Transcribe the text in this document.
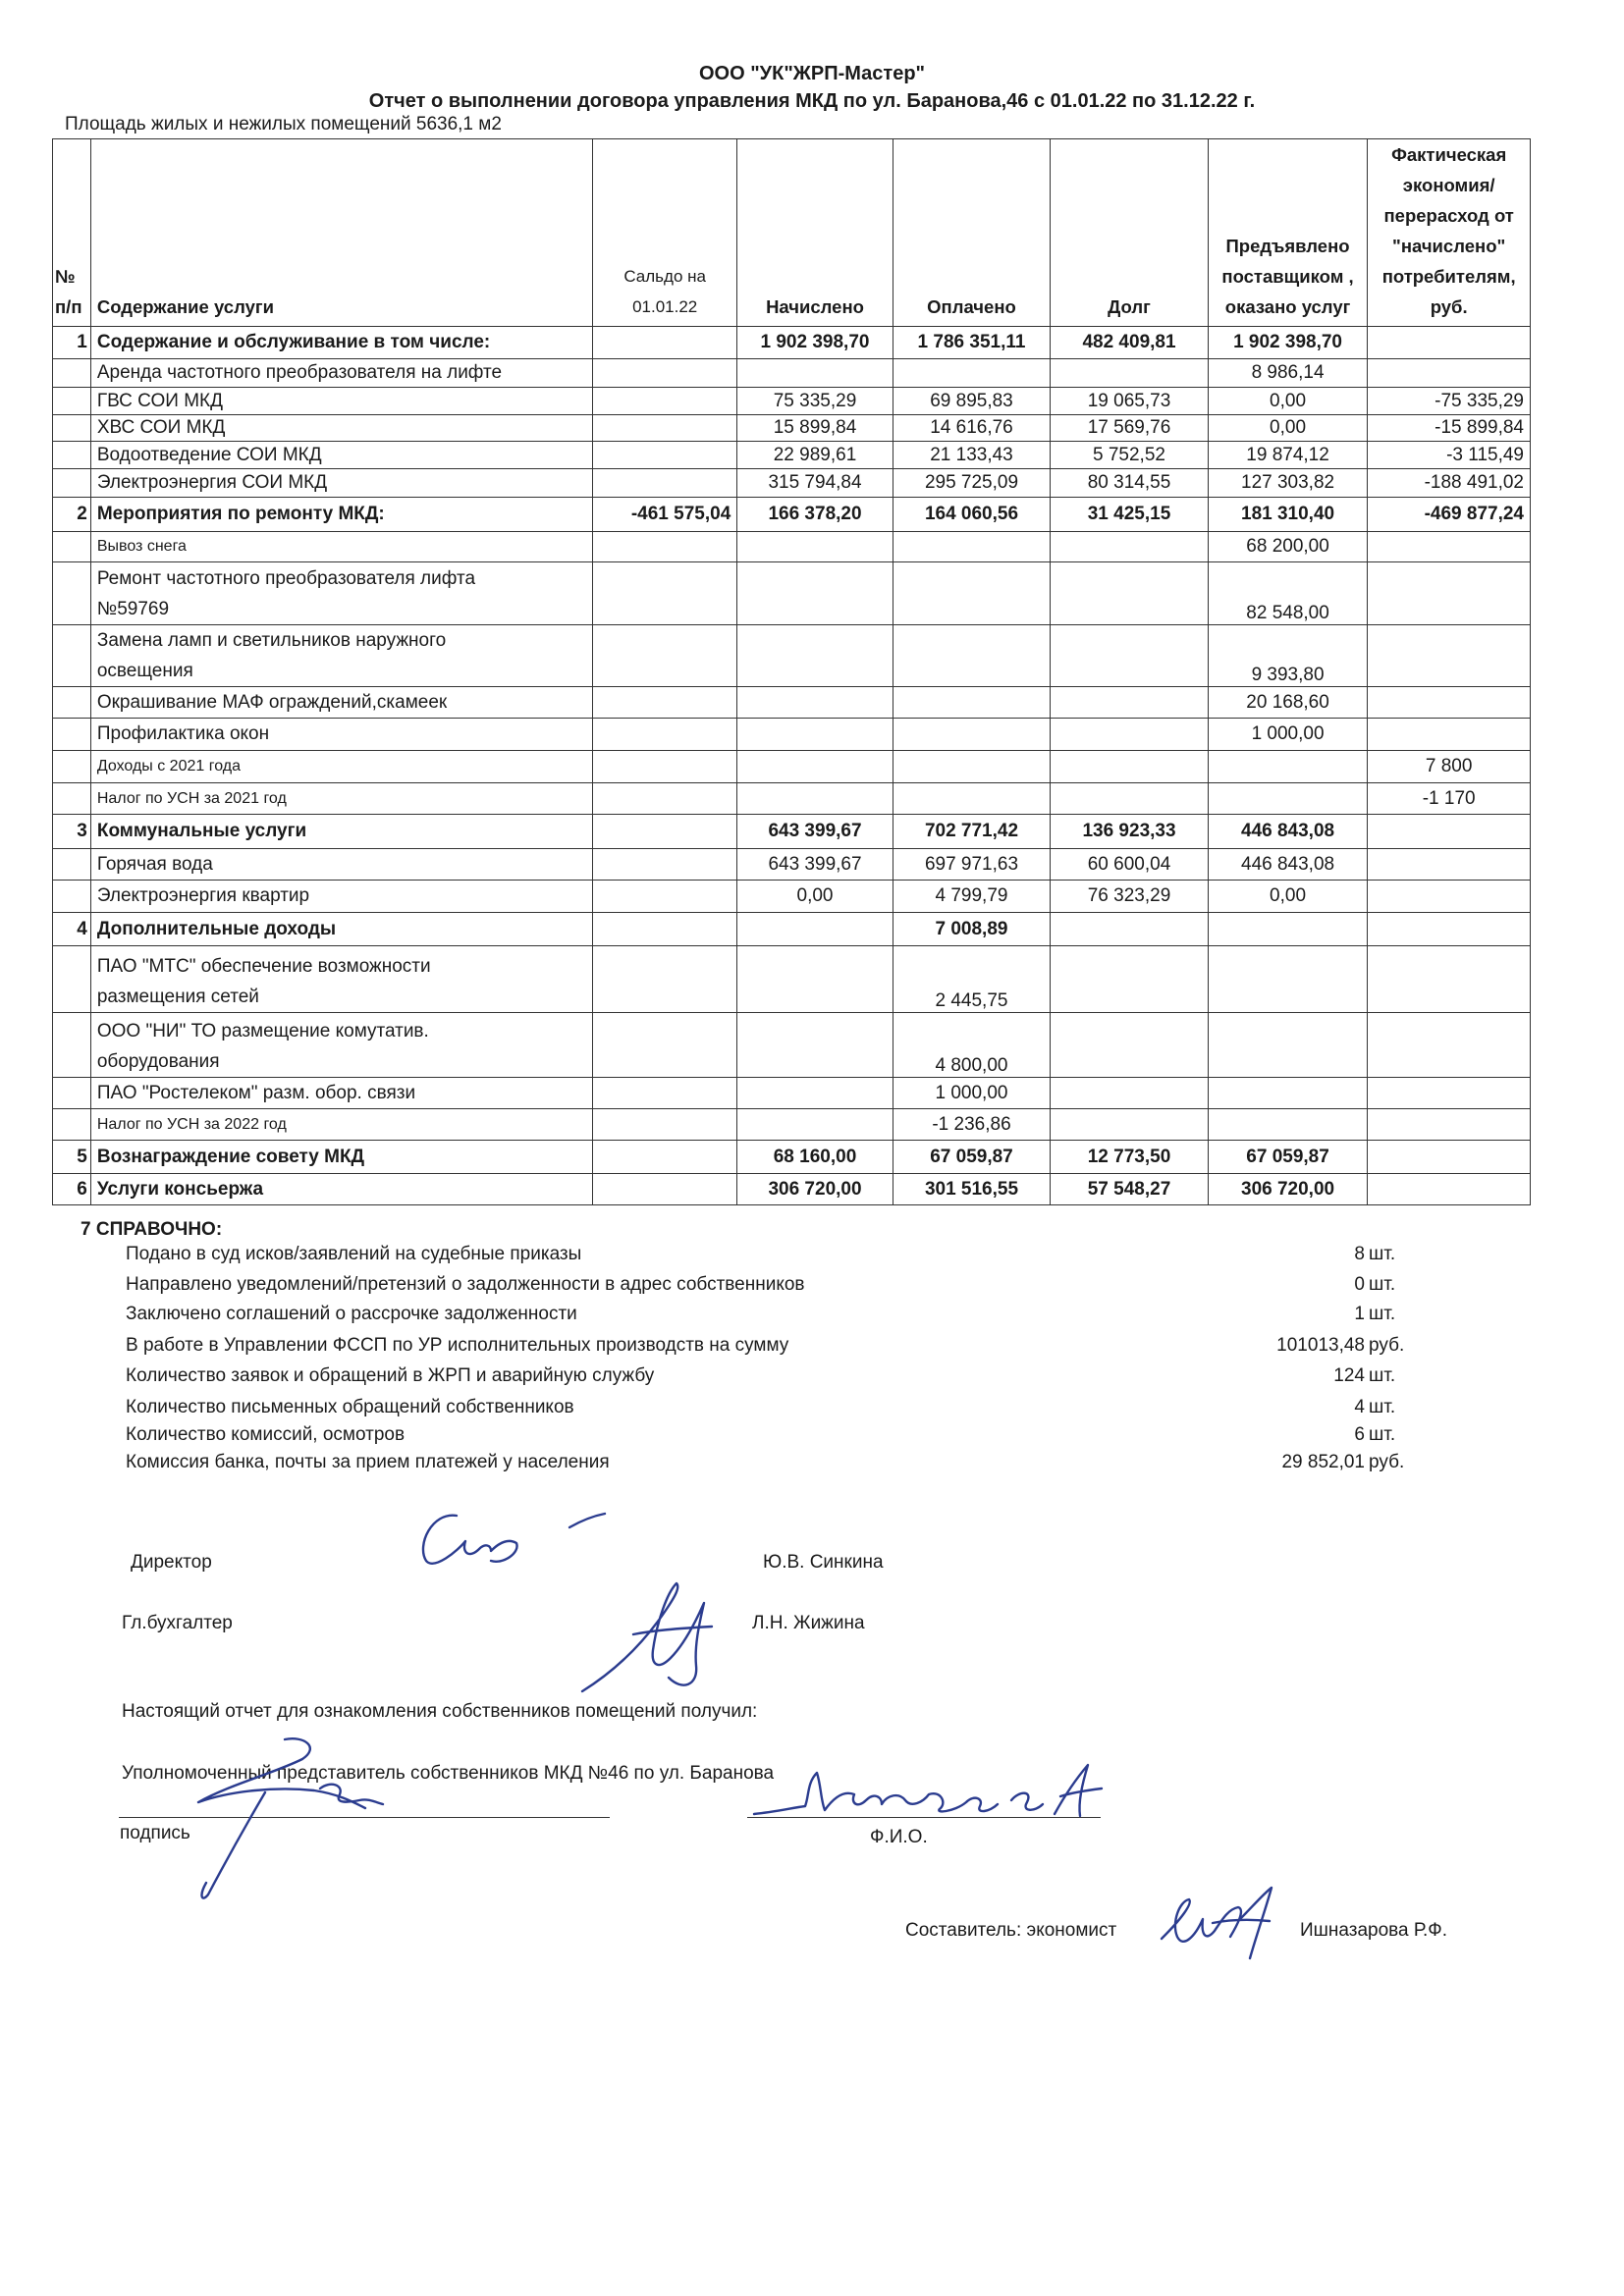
ООО "УК"ЖРП-Мастер"
Отчет о выполнении договора управления МКД по ул. Баранова,46 с 01.01.22 по 31.12.22 г.
Площадь жилых и нежилых помещений 5636,1 м2
№
п/п	Содержание услуги	Сальдо на 01.01.22	Начислено	Оплачено	Долг	Предъявлено поставщиком , оказано услуг	Фактическая экономия/перерасход от "начислено" потребителям, руб.
1	Содержание и обслуживание в том числе:		1 902 398,70	1 786 351,11	482 409,81	1 902 398,70	
	Аренда частотного преобразователя на лифте					8 986,14	
	ГВС СОИ МКД		75 335,29	69 895,83	19 065,73	0,00	-75 335,29
	ХВС СОИ МКД		15 899,84	14 616,76	17 569,76	0,00	-15 899,84
	Водоотведение СОИ МКД		22 989,61	21 133,43	5 752,52	19 874,12	-3 115,49
	Электроэнергия СОИ МКД		315 794,84	295 725,09	80 314,55	127 303,82	-188 491,02
2	Мероприятия по ремонту МКД:	-461 575,04	166 378,20	164 060,56	31 425,15	181 310,40	-469 877,24
	Вывоз снега					68 200,00	

	Ремонт частотного преобразователя лифта
№59769					82 548,00	

	Замена ламп и светильников наружного
освещения					9 393,80	
	Окрашивание МАФ ограждений,скамеек					20 168,60	
	Профилактика окон					1 000,00	
	Доходы с 2021 года						7 800
	Налог по УСН за 2021 год						-1 170
3	Коммунальные услуги		643 399,67	702 771,42	136 923,33	446 843,08	
	Горячая вода		643 399,67	697 971,63	60 600,04	446 843,08	
	Электроэнергия квартир		0,00	4 799,79	76 323,29	0,00	
4	Дополнительные доходы			7 008,89			

	ПАО "МТС" обеспечение возможности
размещения сетей			2 445,75			

	ООО "НИ" ТО размещение комутатив.
оборудования			4 800,00			
	ПАО "Ростелеком" разм. обор. связи			1 000,00			
	Налог по УСН за 2022 год			-1 236,86			
5	Вознаграждение совету МКД		68 160,00	67 059,87	12 773,50	67 059,87	
6	Услуги консьержа		306 720,00	301 516,55	57 548,27	306 720,00	
7 СПРАВОЧНО:
Подано в суд исков/заявлений на судебные приказы	8 шт.
Направлено уведомлений/претензий о задолженности в адрес собственников	0 шт.
Заключено соглашений о рассрочке задолженности	1 шт.
В работе в Управлении ФССП по УР исполнительных производств на сумму	101013,48 руб.
Количество заявок и обращений в ЖРП и аварийную службу	124 шт.
Количество письменных обращений собственников	4 шт.
Количество комиссий, осмотров	6 шт.
Комиссия банка, почты за прием платежей у населения	29 852,01 руб.
Директор	Ю.В. Синкина
Гл.бухгалтер	Л.Н. Жижина
Настоящий отчет для ознакомления собственников помещений получил:
Уполномоченный представитель собственников МКД №46 по ул. Баранова
подпись	Ф.И.О.
Составитель: экономист	Ишназарова Р.Ф.
